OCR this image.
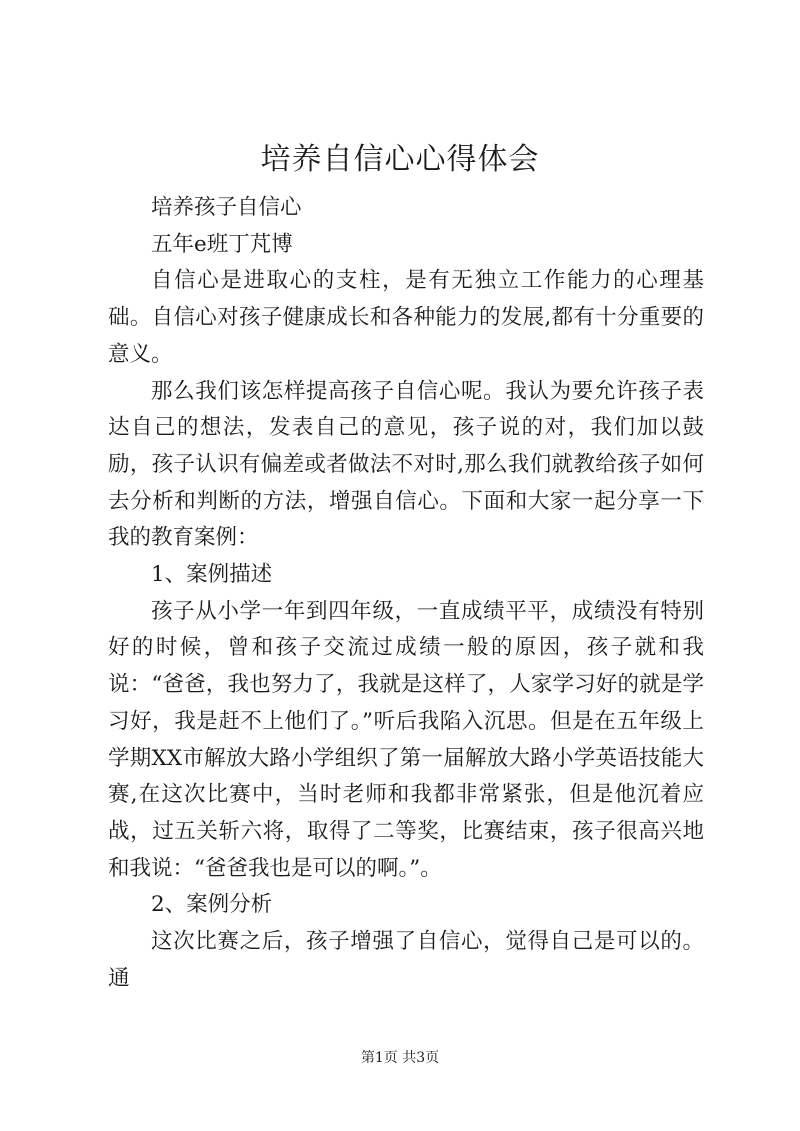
培养自信心心得体会

培养孩子自信心

五年e班丁芃博

自信心是进取心的支柱，是有无独立工作能力的心理基础。自信心对孩子健康成长和各种能力的发展,都有十分重要的意义。

那么我们该怎样提高孩子自信心呢。我认为要允许孩子表达自己的想法，发表自己的意见，孩子说的对，我们加以鼓励，孩子认识有偏差或者做法不对时,那么我们就教给孩子如何去分析和判断的方法，增强自信心。下面和大家一起分享一下我的教育案例：

1、案例描述

孩子从小学一年到四年级，一直成绩平平，成绩没有特别好的时候，曾和孩子交流过成绩一般的原因，孩子就和我说：“爸爸，我也努力了，我就是这样了，人家学习好的就是学习好，我是赶不上他们了。”听后我陷入沉思。但是在五年级上学期XX市解放大路小学组织了第一届解放大路小学英语技能大赛,在这次比赛中，当时老师和我都非常紧张，但是他沉着应战，过五关斩六将，取得了二等奖，比赛结束，孩子很高兴地和我说：“爸爸我也是可以的啊。”。

2、案例分析

这次比赛之后，孩子增强了自信心，觉得自己是可以的。通

第1页 共3页
